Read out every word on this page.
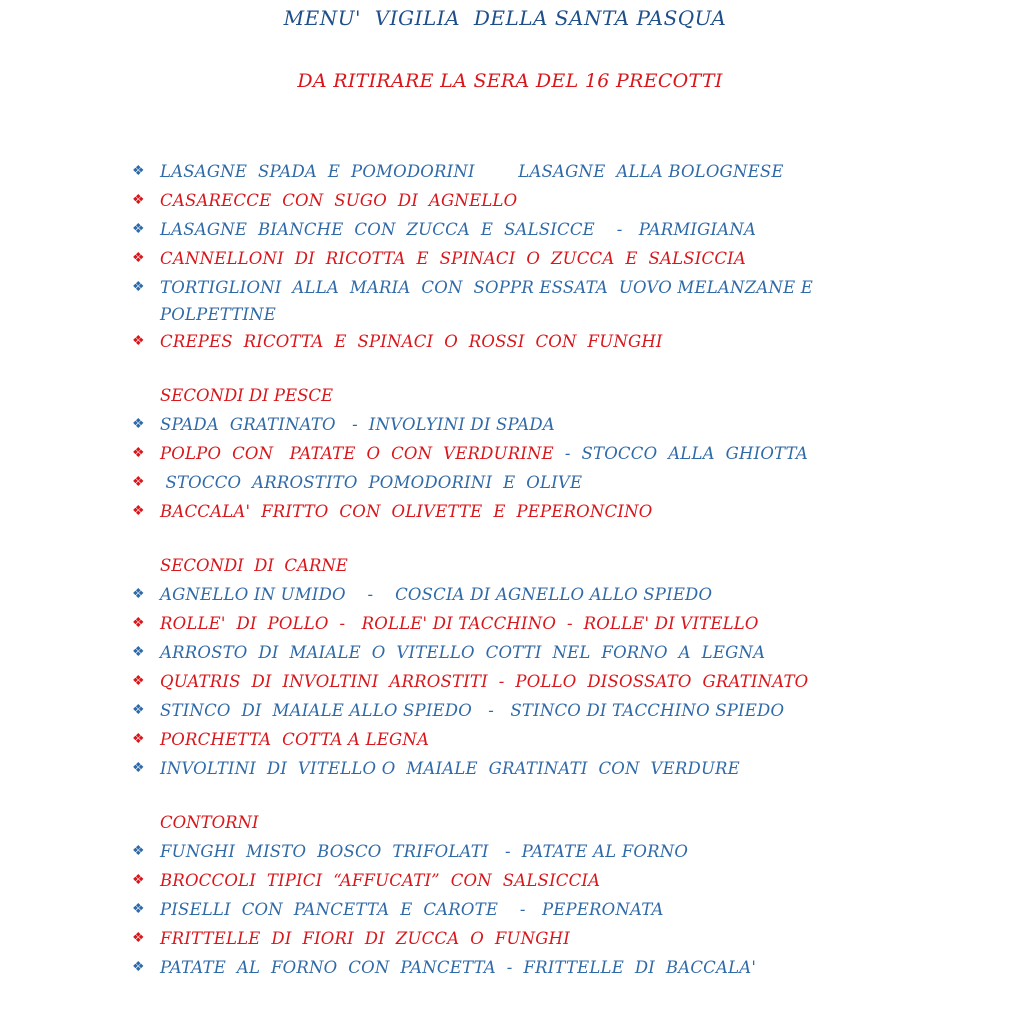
MENU'  VIGILIA  DELLA SANTA PASQUA
DA RITIRARE LA SERA DEL 16 PRECOTTI
❖ LASAGNE  SPADA  E  POMODORINI        LASAGNE  ALLA BOLOGNESE
❖ CASARECCE  CON  SUGO  DI  AGNELLO
❖ LASAGNE  BIANCHE  CON  ZUCCA  E  SALSICCE    -   PARMIGIANA
❖ CANNELLONI  DI  RICOTTA  E  SPINACI  O  ZUCCA  E  SALSICCIA
❖ TORTIGLIONI  ALLA  MARIA  CON  SOPPR ESSATA  UOVO MELANZANE E
POLPETTINE
❖ CREPES  RICOTTA  E  SPINACI  O  ROSSI  CON  FUNGHI
SECONDI DI PESCE
❖ SPADA  GRATINATO   -  INVOLYINI DI SPADA
❖ POLPO  CON   PATATE  O  CON  VERDURINE  -  STOCCO  ALLA  GHIOTTA
❖ STOCCO  ARROSTITO  POMODORINI  E  OLIVE
❖ BACCALA'  FRITTO  CON  OLIVETTE  E  PEPERONCINO
SECONDI  DI  CARNE
❖ AGNELLO IN UMIDO    -    COSCIA DI AGNELLO ALLO SPIEDO
❖ ROLLE'  DI  POLLO  -   ROLLE' DI TACCHINO  -  ROLLE' DI VITELLO
❖ ARROSTO  DI  MAIALE  O  VITELLO  COTTI  NEL  FORNO  A  LEGNA
❖ QUATRIS  DI  INVOLTINI  ARROSTITI  -  POLLO  DISOSSATO  GRATINATO
❖ STINCO  DI  MAIALE ALLO SPIEDO   -   STINCO DI TACCHINO SPIEDO
❖ PORCHETTA  COTTA A LEGNA
❖ INVOLTINI  DI  VITELLO O  MAIALE  GRATINATI  CON  VERDURE
CONTORNI
❖ FUNGHI  MISTO  BOSCO  TRIFOLATI   -  PATATE AL FORNO
❖ BROCCOLI  TIPICI  “AFFUCATI”  CON  SALSICCIA
❖ PISELLI  CON  PANCETTA  E  CAROTE    -   PEPERONATA
❖ FRITTELLE  DI  FIORI  DI  ZUCCA  O  FUNGHI
❖ PATATE  AL  FORNO  CON  PANCETTA  -  FRITTELLE  DI  BACCALA'
